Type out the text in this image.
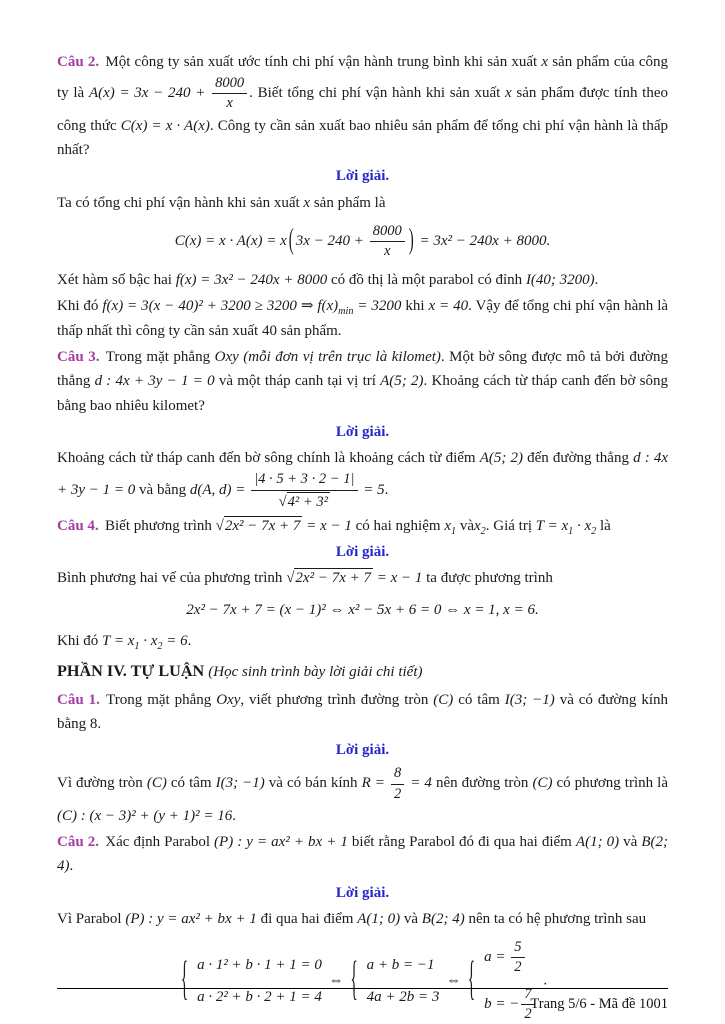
Câu 2. Một công ty sản xuất ước tính chi phí vận hành trung bình khi sản xuất x sản phẩm của công ty là $A(x) = 3x - 240 + \frac{8000}{x}$ . Biết tổng chi phí vận hành khi sản xuất x sản phẩm được tính theo công thức C(x) = x · A(x). Công ty cần sản xuất bao nhiêu sản phẩm để tổng chi phí vận hành là thấp nhất?

Lời giải.

Ta có tổng chi phí vận hành khi sản xuất x sản phẩm là

C(x) = x · A(x) = x ( $3x - 240 + \frac{8000}{x}$ ) = 3x² − 240x + 8000.

Xét hàm số bậc hai f(x) = 3x² − 240x + 8000 có đồ thị là một parabol có đỉnh I(40; 3200).

Khi đó f(x) = 3(x − 40)² + 3200 ≥ 3200 ⇒ $f(x)_{min} = 3200$ khi x = 40. Vậy để tổng chi phí vận hành là thấp nhất thì công ty cần sản xuất 40 sản phẩm.

Câu 3. Trong mặt phẳng Oxy (mỗi đơn vị trên trục là kilomet). Một bờ sông được mô tả bởi đường thẳng d : 4x + 3y − 1 = 0 và một tháp canh tại vị trí A(5; 2). Khoảng cách từ tháp canh đến bờ sông bằng bao nhiêu kilomet?

Lời giải.

Khoảng cách từ tháp canh đến bờ sông chính là khoảng cách từ điểm A(5; 2) đến đường thẳng d : 4x + 3y − 1 = 0 và bằng d(A, $d) = \frac{|4 \cdot 5 + 3 \cdot 2 - 1|}{\text{√4² + 3²}} = 5$.

Câu 4. Biết phương trình √2x² − 7x + 7 = x − 1 có hai nghiệm $x_1$ vàx$_2$. Giá trị $T = x_1 \cdot x_2$ là

Lời giải.

Bình phương hai vế của phương trình √2x² − 7x + 7 = x − 1 ta được phương trình

2x² − 7x + 7 = (x − 1)² ⇔ x² − 5x + 6 = 0 ⇔ x = 1, x = 6.

Khi đó $T = x_1 \cdot x_2 = 6$.

PHẦN IV. TỰ LUẬN (Học sinh trình bày lời giải chi tiết)

Câu 1. Trong mặt phẳng Oxy, viết phương trình đường tròn (C) có tâm I(3; −1) và có đường kính bằng 8.

Lời giải.

Vì đường tròn (C) có tâm I(3; −1) và có bán kính $R = \frac{8}{2} = 4$ nên đường tròn (C) có phương trình là (C) : (x − 3)² + (y + 1)² = 16.

Câu 2. Xác định Parabol (P) : y = ax² + bx + 1 biết rằng Parabol đó đi qua hai điểm A(1; 0) và B(2; 4).

Lời giải.

Vì Parabol (P) : y = ax² + bx + 1 đi qua hai điểm A(1; 0) và B(2; 4) nên ta có hệ phương trình sau

{ a · 1² + b · 1 + 1 = 0
a · 2² + b · 2 + 1 = 4
⇔ { a + b = −1
4a + 2b = 3
⇔ { $a = \frac{5}{2}$
b = − $\frac{7}{2}$
.
Trang 5/6 - Mã đề 1001
